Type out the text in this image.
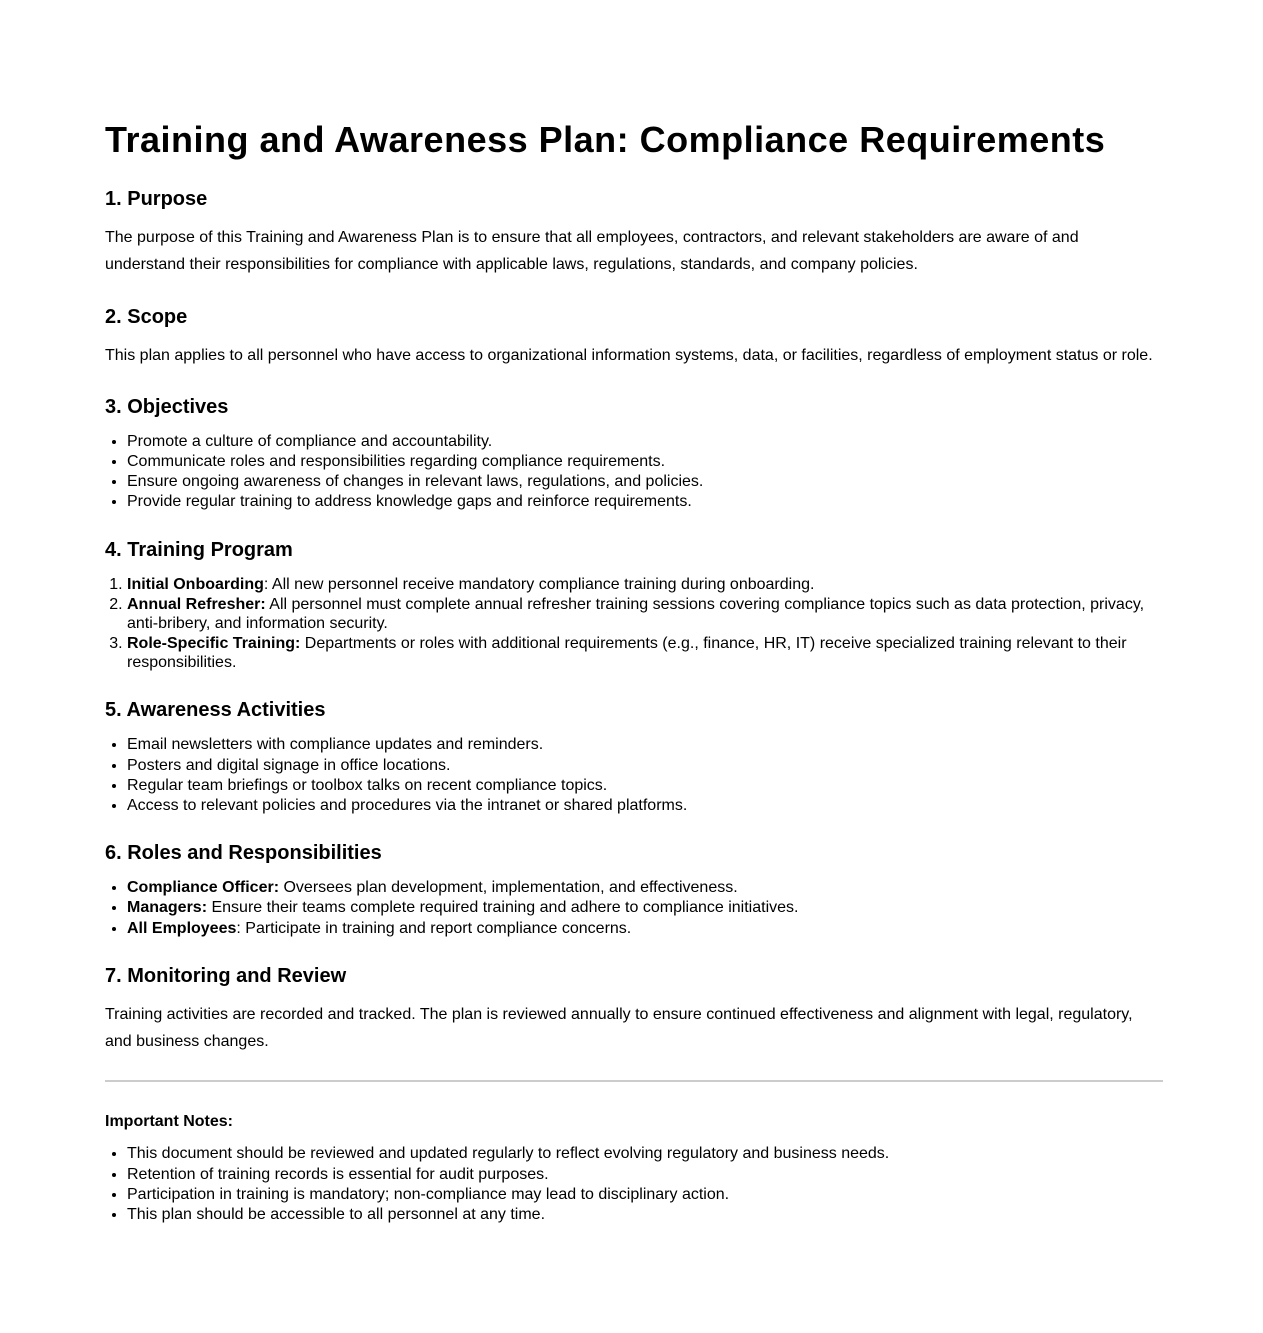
Training and Awareness Plan: Compliance Requirements
1. Purpose

The purpose of this Training and Awareness Plan is to ensure that all employees, contractors, and relevant stakeholders are aware of and understand their responsibilities for compliance with applicable laws, regulations, standards, and company policies.

2. Scope

This plan applies to all personnel who have access to organizational information systems, data, or facilities, regardless of employment status or role.

3. Objectives
• Promote a culture of compliance and accountability.
• Communicate roles and responsibilities regarding compliance requirements.
• Ensure ongoing awareness of changes in relevant laws, regulations, and policies.
• Provide regular training to address knowledge gaps and reinforce requirements.
4. Training Program
1. Initial Onboarding: All new personnel receive mandatory compliance training during onboarding.
2. Annual Refresher: All personnel must complete annual refresher training sessions covering compliance topics such as data protection, privacy, anti-bribery, and information security.
3. Role-Specific Training: Departments or roles with additional requirements (e.g., finance, HR, IT) receive specialized training relevant to their responsibilities.
5. Awareness Activities
• Email newsletters with compliance updates and reminders.
• Posters and digital signage in office locations.
• Regular team briefings or toolbox talks on recent compliance topics.
• Access to relevant policies and procedures via the intranet or shared platforms.
6. Roles and Responsibilities
• Compliance Officer: Oversees plan development, implementation, and effectiveness.
• Managers: Ensure their teams complete required training and adhere to compliance initiatives.
• All Employees: Participate in training and report compliance concerns.
7. Monitoring and Review

Training activities are recorded and tracked. The plan is reviewed annually to ensure continued effectiveness and alignment with legal, regulatory, and business changes.

Important Notes:

• This document should be reviewed and updated regularly to reflect evolving regulatory and business needs.
• Retention of training records is essential for audit purposes.
• Participation in training is mandatory; non-compliance may lead to disciplinary action.
• This plan should be accessible to all personnel at any time.
